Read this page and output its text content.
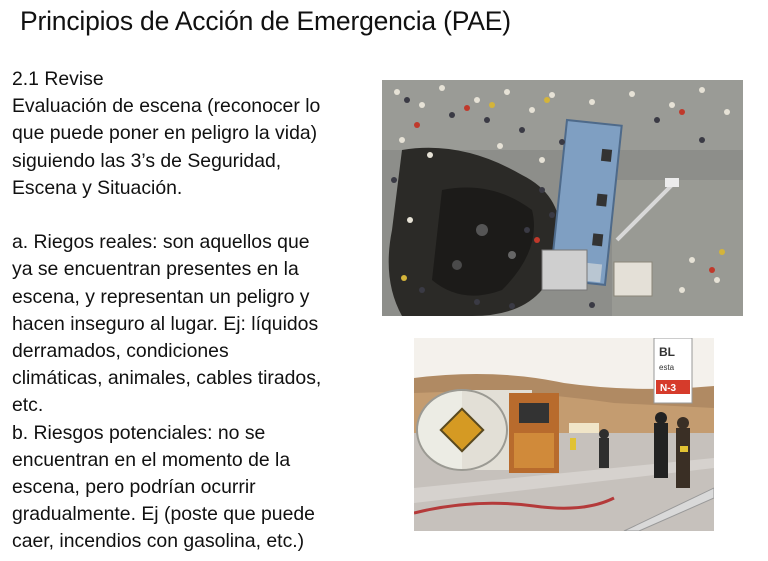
Principios de Acción de Emergencia (PAE)
2.1 Revise
Evaluación de escena (reconocer lo
que puede poner en peligro la vida)
siguiendo las 3’s de Seguridad,
Escena y Situación.

a. Riegos reales: son aquellos que
ya se encuentran presentes en la
escena, y representan un peligro y
hacen inseguro al lugar. Ej: líquidos
derramados, condiciones
climáticas, animales, cables tirados,
etc.
b. Riesgos potenciales: no se
encuentran en el momento de la
escena, pero podrían ocurrir
gradualmente. Ej (poste que puede
caer, incendios con gasolina, etc.)
BL
esta
N-3
